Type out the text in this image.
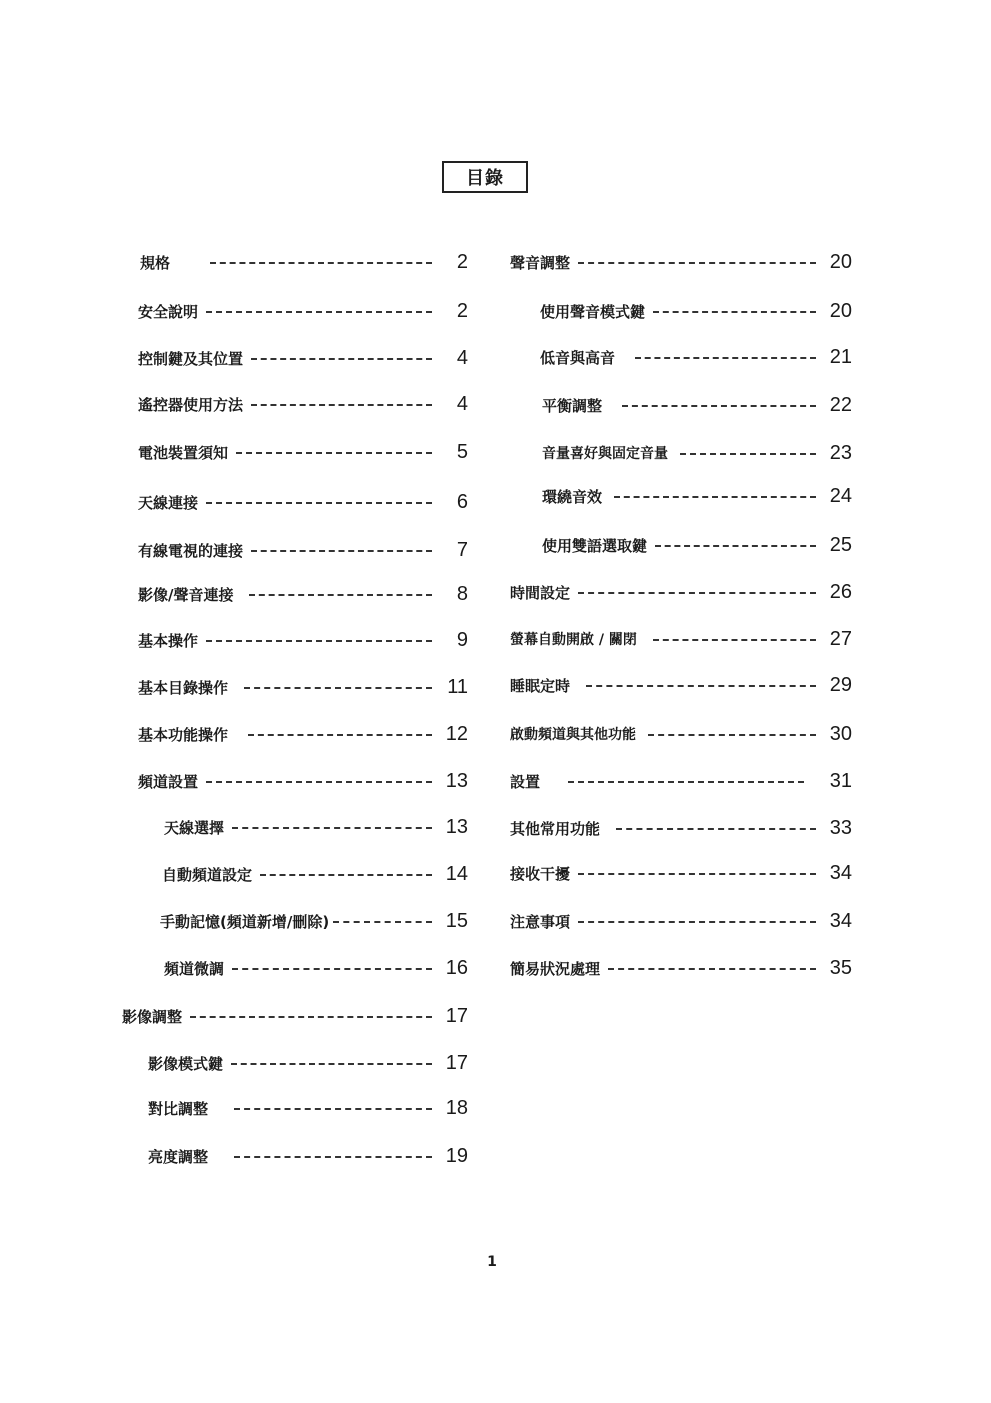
目錄
規格	2
安全說明	2
控制鍵及其位置	4
遙控器使用方法	4
電池裝置須知	5
天線連接	6
有線電視的連接	7
影像/聲音連接	8
基本操作	9
基本目錄操作	11
基本功能操作	12
頻道設置	13
天線選擇	13
自動頻道設定	14
手動記憶(頻道新增/刪除)	15
頻道微調	16
影像調整	17
影像模式鍵	17
對比調整	18
亮度調整	19
聲音調整	20
使用聲音模式鍵	20
低音與高音	21
平衡調整	22
音量喜好與固定音量	23
環繞音效	24
使用雙語選取鍵	25
時間設定	26
螢幕自動開啟 / 關閉	27
睡眠定時	29
啟動頻道與其他功能	30
設置	31
其他常用功能	33
接收干擾	34
注意事項	34
簡易狀況處理	35
1
